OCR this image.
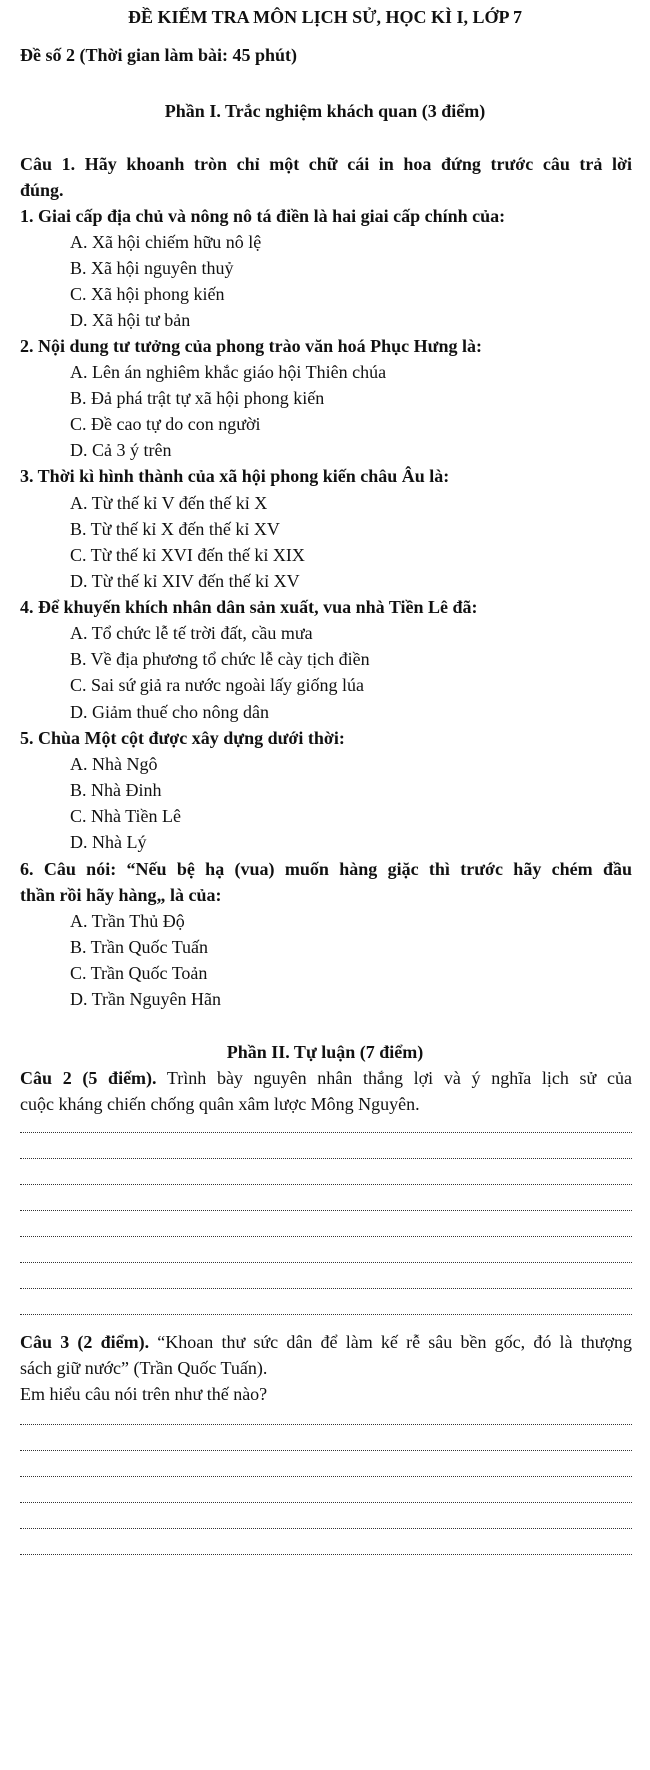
ĐỀ KIỂM TRA MÔN LỊCH SỬ, HỌC KÌ I, LỚP 7
Đề số 2 (Thời gian làm bài: 45 phút)
Phần I. Trắc nghiệm khách quan (3 điểm)
Câu 1. Hãy khoanh tròn chỉ một chữ cái in hoa đứng trước câu trả lời
đúng.
1. Giai cấp địa chủ và nông nô tá điền là hai giai cấp chính của:
A. Xã hội chiếm hữu nô lệ
B. Xã hội nguyên thuỷ
C. Xã hội phong kiến
D. Xã hội tư bản
2. Nội dung tư tưởng của phong trào văn hoá Phục Hưng là:
A. Lên án nghiêm khắc giáo hội Thiên chúa
B. Đả phá trật tự xã hội phong kiến
C. Đề cao tự do con người
D. Cả 3 ý trên
3. Thời kì hình thành của xã hội phong kiến châu Âu là:
A. Từ thế kỉ V đến thế kỉ X
B. Từ thế kỉ X đến thế kỉ XV
C. Từ thế kỉ XVI đến thế kỉ XIX
D. Từ thế kỉ XIV đến thế kỉ XV
4. Để khuyến khích nhân dân sản xuất, vua nhà Tiền Lê đã:
A. Tổ chức lễ tế trời đất, cầu mưa
B. Về địa phương tổ chức lễ cày tịch điền
C. Sai sứ giả ra nước ngoài lấy giống lúa
D. Giảm thuế cho nông dân
5. Chùa Một cột được xây dựng dưới thời:
A. Nhà Ngô
B. Nhà Đinh
C. Nhà Tiền Lê
D. Nhà Lý
6. Câu nói: “Nếu bệ hạ (vua) muốn hàng giặc thì trước hãy chém đầu
thần rồi hãy hàng„ là của:
A. Trần Thủ Độ
B. Trần Quốc Tuấn
C. Trần Quốc Toản
D. Trần Nguyên Hãn
Phần II. Tự luận (7 điểm)
Câu 2 (5 điểm). Trình bày nguyên nhân thắng lợi và ý nghĩa lịch sử của
cuộc kháng chiến chống quân xâm lược Mông Nguyên.
Câu 3 (2 điểm). “Khoan thư sức dân để làm kế rễ sâu bền gốc, đó là thượng
sách giữ nước” (Trần Quốc Tuấn).
Em hiểu câu nói trên như thế nào?
